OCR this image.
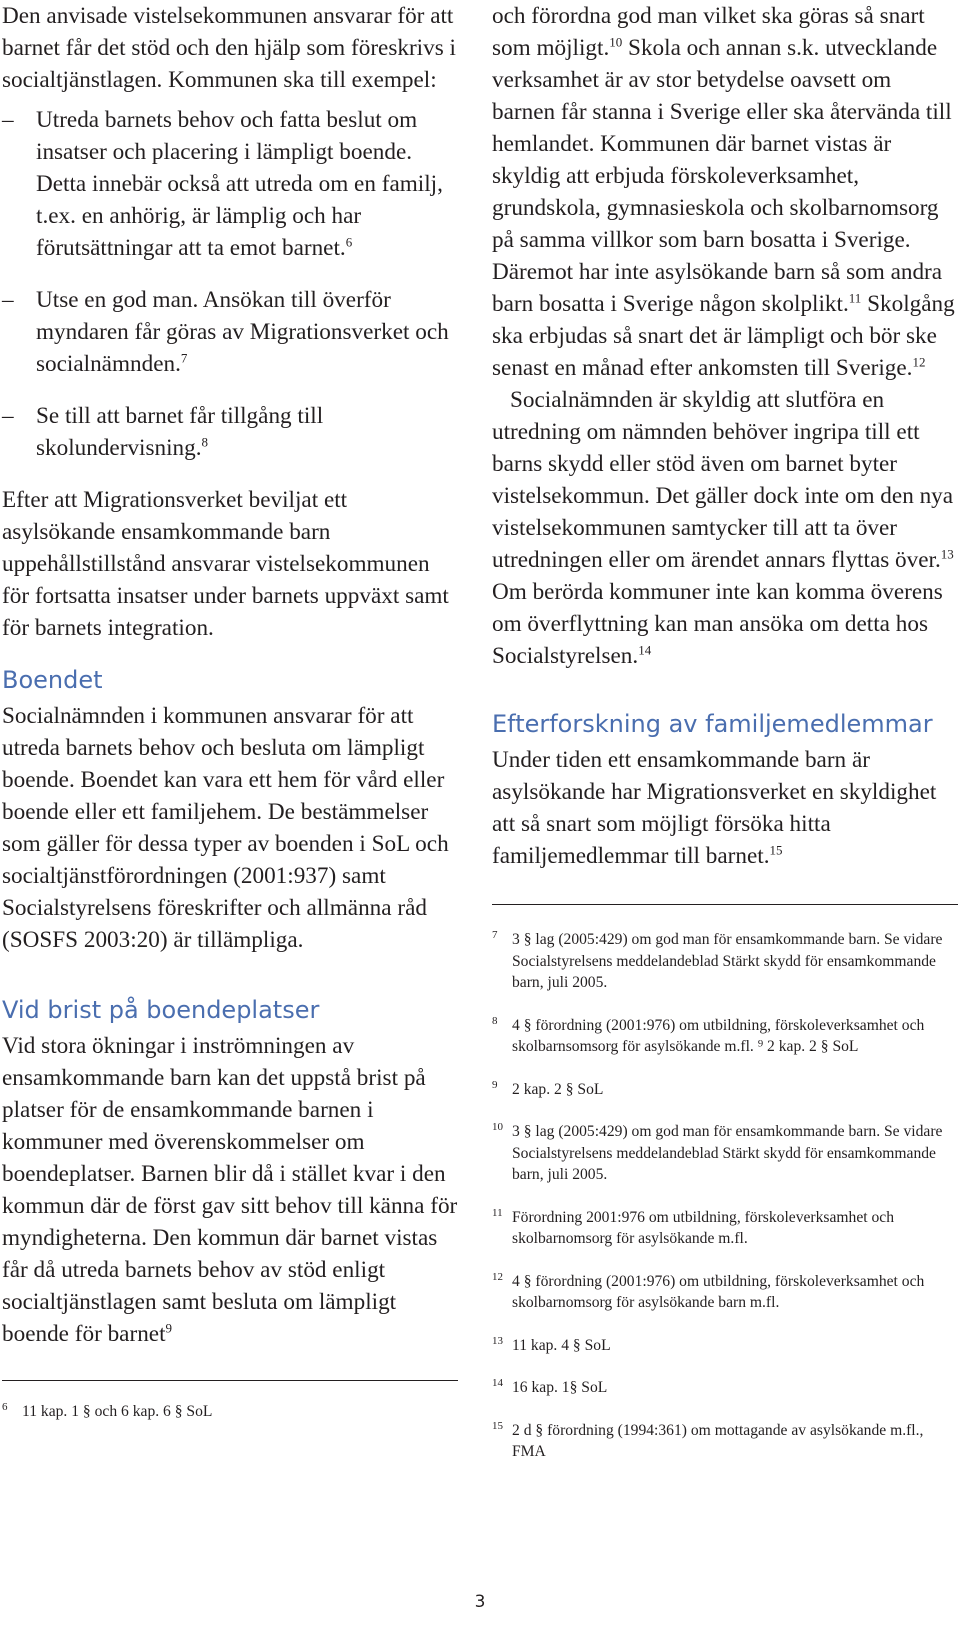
Den anvisade vistelsekommunen ansvarar för att barnet får det stöd och den hjälp som föreskrivs i socialtjänstlagen. Kommunen ska till exempel:

– Utreda barnets behov och fatta beslut om insatser och placering i lämpligt boende. Detta innebär också att utreda om en familj, t.ex. en anhörig, är lämplig och har förutsättningar att ta emot barnet.$^6$
– Utse en god man. Ansökan till överför myndaren får göras av Migrationsverket och socialnämnden.$^7$
– Se till att barnet får tillgång till skolundervisning.$^8$

Efter att Migrationsverket beviljat ett asylsökande ensamkommande barn uppehållstillstånd ansvarar vistelsekommunen för fortsatta insatser under barnets uppväxt samt för barnets integration.

Boendet

Socialnämnden i kommunen ansvarar för att utreda barnets behov och besluta om lämpligt boende. Boendet kan vara ett hem för vård eller boende eller ett familjehem. De bestämmelser som gäller för dessa typer av boenden i SoL och socialtjänstförordningen (2001:937) samt Socialstyrelsens föreskrifter och allmänna råd (SOSFS 2003:20) är tillämpliga.

Vid brist på boendeplatser

Vid stora ökningar i inströmningen av ensamkommande barn kan det uppstå brist på platser för de ensamkommande barnen i kommuner med överenskommelser om boendeplatser. Barnen blir då i stället kvar i den kommun där de först gav sitt behov till känna för myndigheterna. Den kommun där barnet vistas får då utreda barnets behov av stöd enligt socialtjänstlagen samt besluta om lämpligt boende för barnet$^9$

6 11 kap. 1 § och 6 kap. 6 § SoL

och förordna god man vilket ska göras så snart som möjligt.$^{10}$ Skola och annan s.k. utvecklande verksamhet är av stor betydelse oavsett om barnen får stanna i Sverige eller ska återvända till hemlandet. Kommunen där barnet vistas är skyldig att erbjuda förskoleverksamhet, grundskola, gymnasieskola och skolbarnomsorg på samma villkor som barn bosatta i Sverige. Däremot har inte asylsökande barn så som andra barn bosatta i Sverige någon skolplikt.$^{11}$ Skolgång ska erbjudas så snart det är lämpligt och bör ske senast en månad efter ankomsten till Sverige.$^{12}$

Socialnämnden är skyldig att slutföra en utredning om nämnden behöver ingripa till ett barns skydd eller stöd även om barnet byter vistelsekommun. Det gäller dock inte om den nya vistelsekommunen samtycker till att ta över utredningen eller om ärendet annars flyttas över.$^{13}$ Om berörda kommuner inte kan komma överens om överflyttning kan man ansöka om detta hos Socialstyrelsen.$^{14}$

Efterforskning av familjemedlemmar

Under tiden ett ensamkommande barn är asylsökande har Migrationsverket en skyldighet att så snart som möjligt försöka hitta familjemedlemmar till barnet.$^{15}$

7 3 § lag (2005:429) om god man för ensamkommande barn. Se vidare Socialstyrelsens meddelandeblad Stärkt skydd för ensamkommande barn, juli 2005.
8 4 § förordning (2001:976) om utbildning, förskoleverksamhet och skolbarnsomsorg för asylsökande m.fl. ⁹ 2 kap. 2 § SoL
9 2 kap. 2 § SoL
10 3 § lag (2005:429) om god man för ensamkommande barn. Se vidare Socialstyrelsens meddelandeblad Stärkt skydd för ensamkommande barn, juli 2005.
11 Förordning 2001:976 om utbildning, förskoleverksamhet och skolbarnomsorg för asylsökande m.fl.
12 4 § förordning (2001:976) om utbildning, förskoleverksamhet och skolbarnomsorg för asylsökande barn m.fl.
13 11 kap. 4 § SoL
14 16 kap. 1§ SoL
15 2 d § förordning (1994:361) om mottagande av asylsökande m.fl., FMA
3
